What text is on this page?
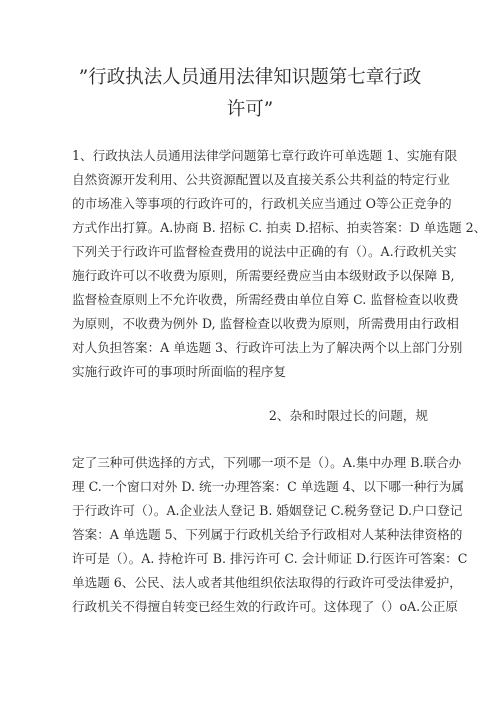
”行政执法人员通用法律知识题第七章行政
许可”
1、行政执法人员通用法律学问题第七章行政许可单选题 1、实施有限
自然资源开发利用、公共资源配置以及直接关系公共利益的特定行业
的市场准入等事项的行政许可的，行政机关应当通过 O等公正竞争的
方式作出打算。A.协商 B. 招标 C. 拍卖 D.招标、拍卖答案：D 单选题 2、
下列关于行政许可监督检查费用的说法中正确的有（）。A.行政机关实
施行政许可以不收费为原则，所需要经费应当由本级财政予以保障 B,
监督检查原则上不允许收费，所需经费由单位自筹 C. 监督检查以收费
为原则，不收费为例外 D, 监督检查以收费为原则，所需费用由行政相
对人负担答案：A 单选题 3、行政许可法上为了解决两个以上部门分别
实施行政许可的事项时所面临的程序复
2、杂和时限过长的问题，规
定了三种可供选择的方式，下列哪一项不是（）。A.集中办理 B.联合办
理 C.一个窗口对外 D. 统一办理答案：C 单选题 4、以下哪一种行为属
于行政许可（）。A.企业法人登记 B. 婚姻登记 C.税务登记 D.户口登记
答案：A 单选题 5、下列属于行政机关给予行政相对人某种法律资格的
许可是（）。A. 持枪许可 B. 排污许可 C. 会计师证 D.行医许可答案：C
单选题 6、公民、法人或者其他组织依法取得的行政许可受法律爱护，
行政机关不得擅自转变已经生效的行政许可。这体现了（）oA.公正原
